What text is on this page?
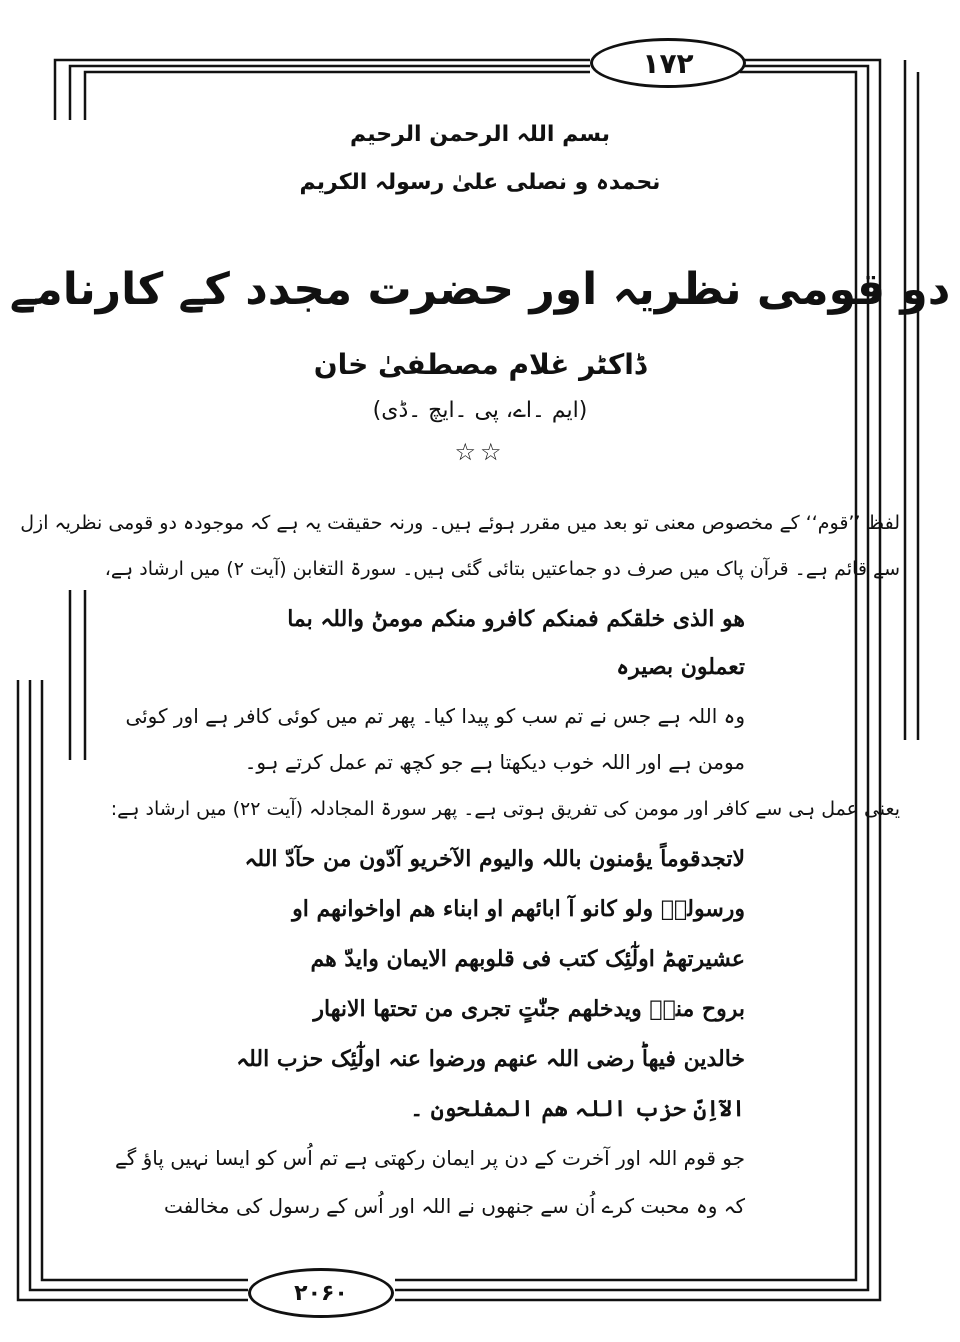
۱۷۲
۲۰۶۰
بسم اللہ الرحمن الرحیم
نحمدہ و نصلی علیٰ رسولہ الکریم
دو قومی نظریہ اور حضرت مجدد کے کارنامے
ڈاکٹر غلام مصطفیٰ خان
(ایم ۔اے، پی ۔ایچ ۔ڈی)
☆☆
لفظ ’’قوم‘‘ کے مخصوص معنی تو بعد میں مقرر ہوئے ہیں۔ ورنہ حقیقت یہ ہے کہ موجودہ دو قومی نظریہ ازل
سے قائم ہے۔ قرآن پاک میں صرف دو جماعتیں بتائی گئی ہیں۔ سورۃ التغابن (آیت ۲) میں ارشاد ہے،
ھو الذی خلقکم فمنکم کافرو منکم مومنؕ واللہ بما
تعملون بصیرہ
وہ اللہ ہے جس نے تم سب کو پیدا کیا۔ پھر تم میں کوئی کافر ہے اور کوئی
مومن ہے اور اللہ خوب دیکھتا ہے جو کچھ تم عمل کرتے ہو۔
یعنی عمل ہی سے کافر اور مومن کی تفریق ہوتی ہے۔ پھر سورۃ المجادلہ (آیت ۲۲) میں ارشاد ہے:
لاتجدقوماً یؤمنون باللہ والیوم الآخریو آدّون من حآدّ اللہ
ورسولہٗ ولو کانو آ ابائھم او ابناء ھم اواخوانھم او
عشیرتھمؕ اولٰٓئِک کتب فی قلوبھم الایمان وایدّ ھم
بروح منہؕ ویدخلھم جنّٰتٍ تجری من تحتھا الانھار
خالدین فیھاؕ رضی اللہ عنھم ورضوا عنہ اولٰٓئِک حزب اللہ
الآاِنّ حزب اللہ ھم المفلحون ۔
جو قوم اللہ اور آخرت کے دن پر ایمان رکھتی ہے تم اُس کو ایسا نہیں پاؤ گے
کہ وہ محبت کرے اُن سے جنھوں نے اللہ اور اُس کے رسول کی مخالفت
